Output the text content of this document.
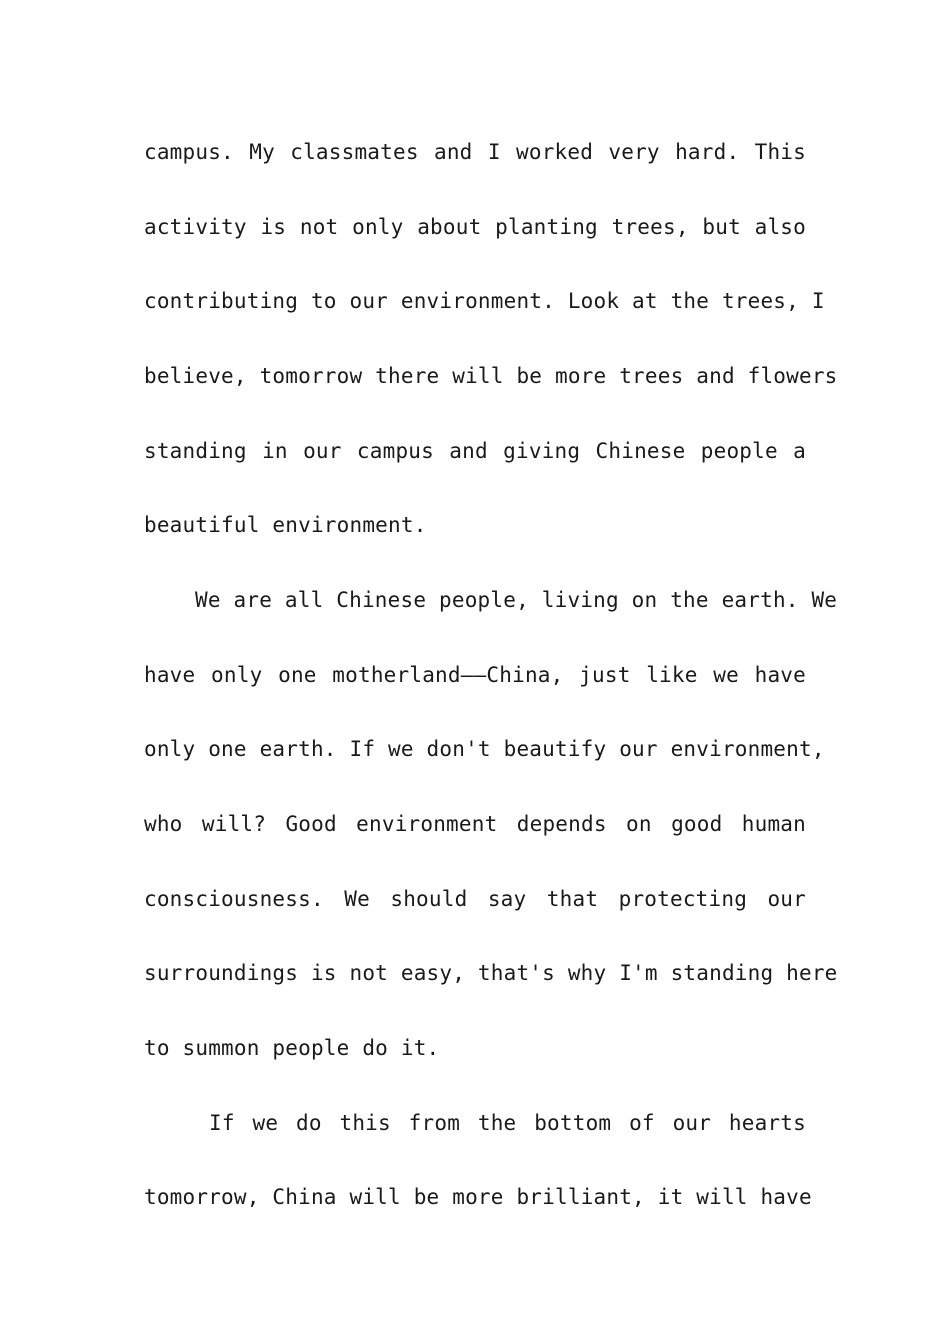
campus. My classmates and I worked very hard. This
activity is not only about planting trees, but also
contributing to our environment. Look at the trees, I
believe, tomorrow there will be more trees and flowers
standing in our campus and giving Chinese people a
beautiful environment.
We are all Chinese people, living on the earth. We
have only one motherland——China, just like we have
only one earth. If we don't beautify our environment,
who will? Good environment depends on good human
consciousness. We should say that protecting our
surroundings is not easy, that's why I'm standing here
to summon people do it.
If we do this from the bottom of our hearts
tomorrow, China will be more brilliant, it will have
